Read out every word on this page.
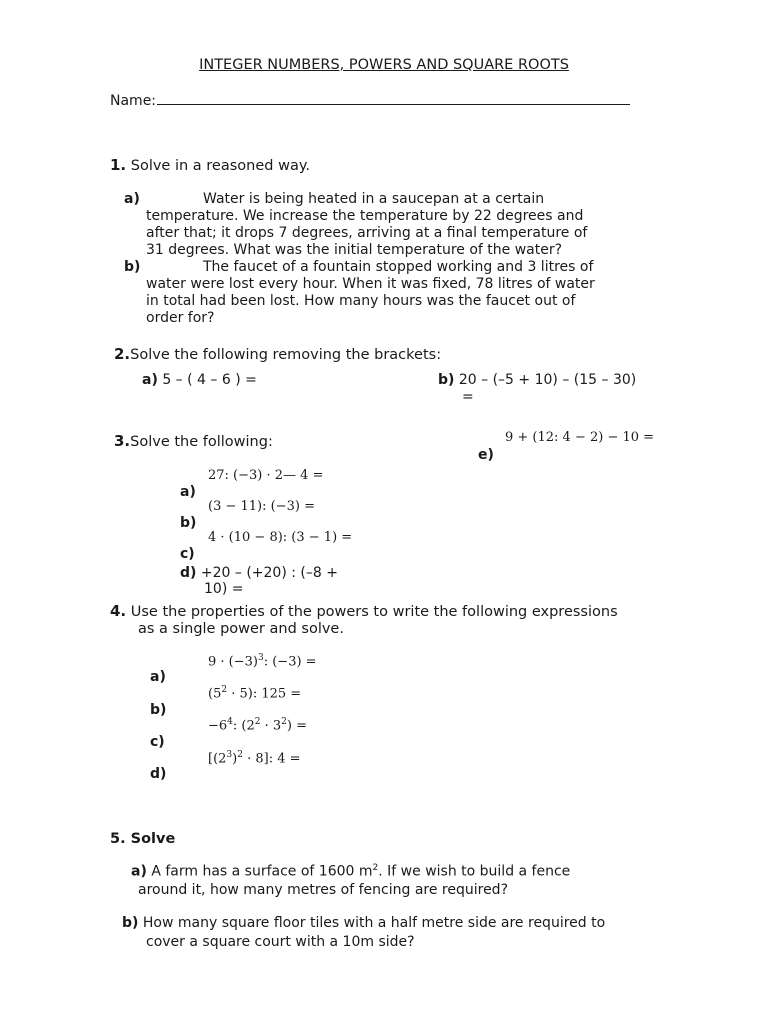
INTEGER NUMBERS, POWERS AND SQUARE ROOTS
Name:
1. Solve in a reasoned way.
a)	Water is being heated in a saucepan at a certain
temperature. We increase the temperature by 22 degrees and
after that; it drops 7 degrees, arriving at a final temperature of
31 degrees. What was the initial temperature of the water?
b)	The faucet of a fountain stopped working and 3 litres of
water were lost every hour. When it was fixed, 78 litres of water
in total had been lost. How many hours was the faucet out of
order for?
2.Solve the following removing the brackets:
a) 5 – ( 4 – 6 ) =	b) 20 – (–5 + 10) – (15 – 30)
=
3.Solve the following:	9 + (12: 4 − 2) − 10 =
e)
27: (−3) · 2— 4 =
a)
(3 − 11): (−3) =
b)
4 · (10 − 8): (3 − 1) =
c)
d) +20 – (+20) : (–8 +
10) =
4. Use the properties of the powers to write the following expressions
as a single power and solve.
$9 \cdot (-3)^3$: (−3) =
a)
$(5^2 \cdot 5)$: 125 =
b)
$-6^4$: $(2^2 \cdot 3^2)$ =
c)
$[(2^3)^2 \cdot 8]$: 4 =
d)
5. Solve
a) A farm has a surface of 1600 $m^2$. If we wish to build a fence
around it, how many metres of fencing are required?
b) How many square floor tiles with a half metre side are required to
cover a square court with a 10m side?
